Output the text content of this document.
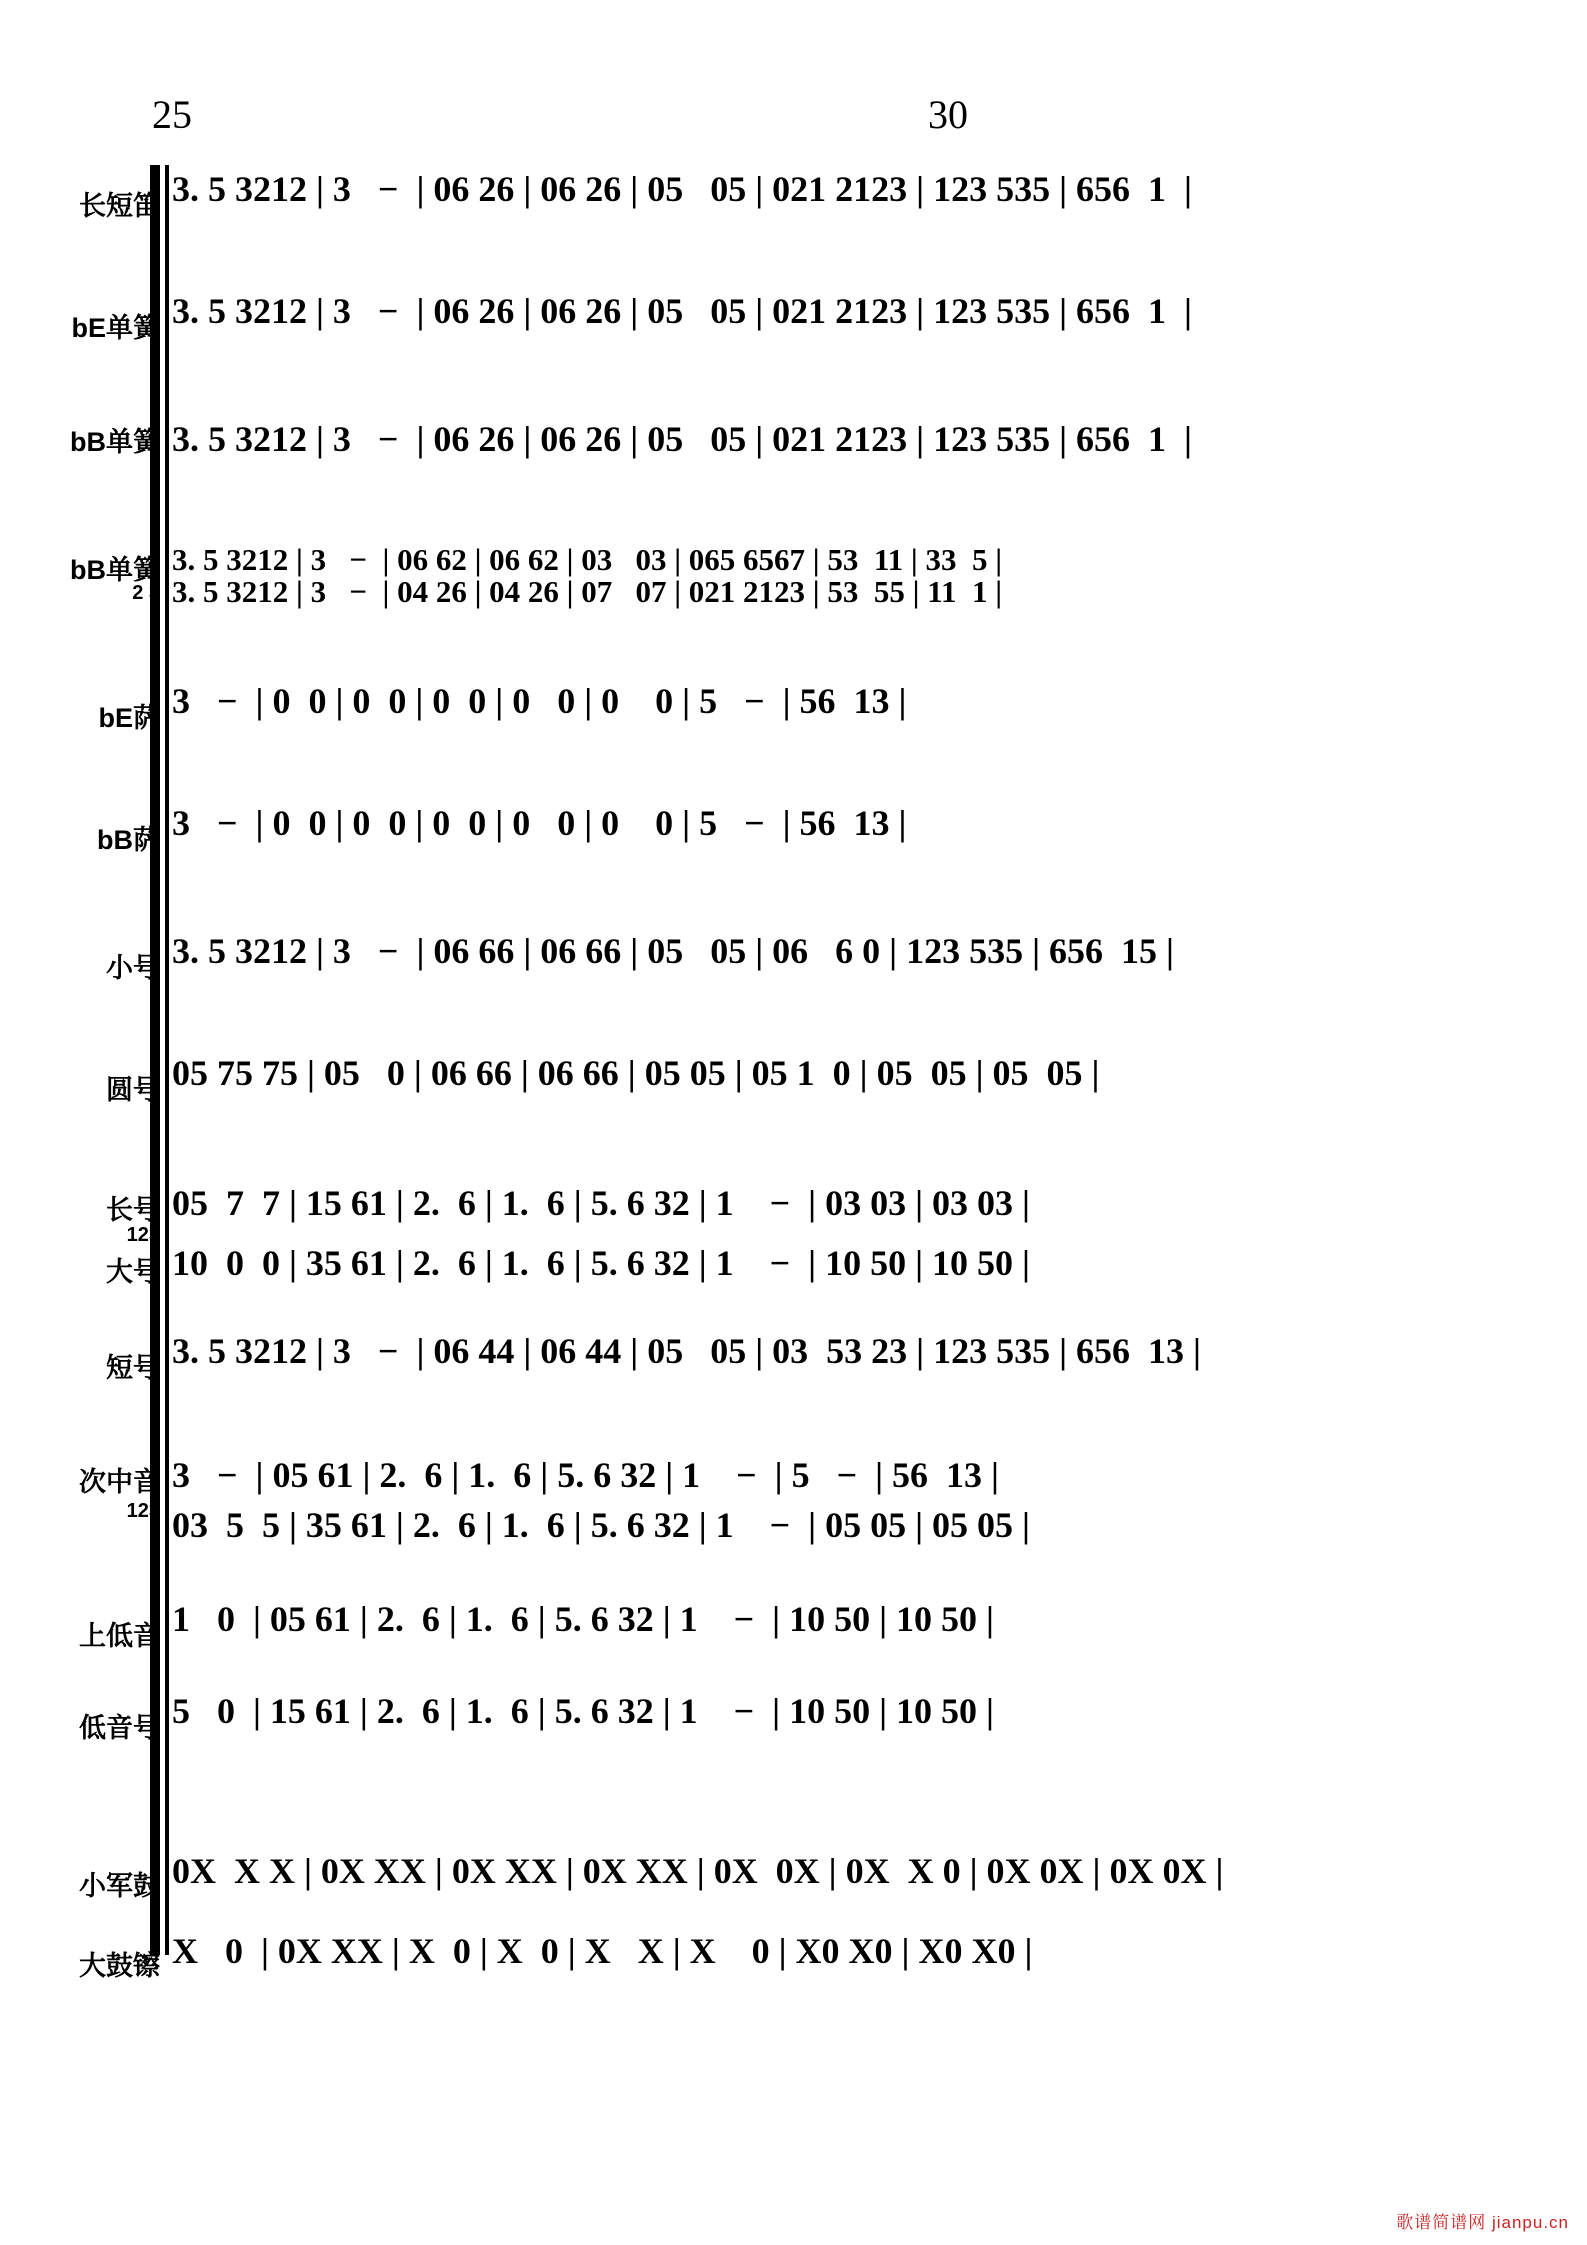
25	30
长短笛 3. 5 3212 | 3   −  | 06 26 | 06 26 | 05   05 | 021 2123 | 123 535 | 656  1  |
bE单簧 3. 5 3212 | 3   −  | 06 26 | 06 26 | 05   05 | 021 2123 | 123 535 | 656  1  |
bB单簧
1
3. 5 3212 | 3   −  | 06 26 | 06 26 | 05   05 | 021 2123 | 123 535 | 656  1  |
bB单簧
2 3
3. 5 3212 | 3   −  | 06 62 | 06 62 | 03   03 | 065 6567 | 53  11 | 33  5 |
3. 5 3212 | 3   −  | 04 26 | 04 26 | 07   07 | 021 2123 | 53  55 | 11  1 |
bE萨 3   −  | 0  0 | 0  0 | 0  0 | 0   0 | 0    0 | 5   −  | 56  13 |
bB萨 3   −  | 0  0 | 0  0 | 0  0 | 0   0 | 0    0 | 5   −  | 56  13 |
小号 3. 5 3212 | 3   −  | 06 66 | 06 66 | 05   05 | 06   6 0 | 123 535 | 656  15 |
圆号 05 75 75 | 05   0 | 06 66 | 06 66 | 05 05 | 05 1  0 | 05  05 | 05  05 |
长号
123
大号
05  7  7 | 15 61 | 2.  6 | 1.  6 | 5. 6 32 | 1    −  | 03 03 | 03 03 |
10  0  0 | 35 61 | 2.  6 | 1.  6 | 5. 6 32 | 1    −  | 10 50 | 10 50 |
短号 3. 5 3212 | 3   −  | 06 44 | 06 44 | 05   05 | 03  53 23 | 123 535 | 656  13 |
次中音
123
3   −  | 05 61 | 2.  6 | 1.  6 | 5. 6 32 | 1    −  | 5   −  | 56  13 |
03  5  5 | 35 61 | 2.  6 | 1.  6 | 5. 6 32 | 1    −  | 05 05 | 05 05 |
上低音 1   0  | 05 61 | 2.  6 | 1.  6 | 5. 6 32 | 1    −  | 10 50 | 10 50 |
低音号 5   0  | 15 61 | 2.  6 | 1.  6 | 5. 6 32 | 1    −  | 10 50 | 10 50 |
小军鼓 0X  X X | 0X XX | 0X XX | 0X XX | 0X  0X | 0X  X 0 | 0X 0X | 0X 0X |
大鼓镲 X   0  | 0X XX | X  0 | X  0 | X   X | X    0 | X0 X0 | X0 X0 |
歌谱简谱网 jianpu.cn
